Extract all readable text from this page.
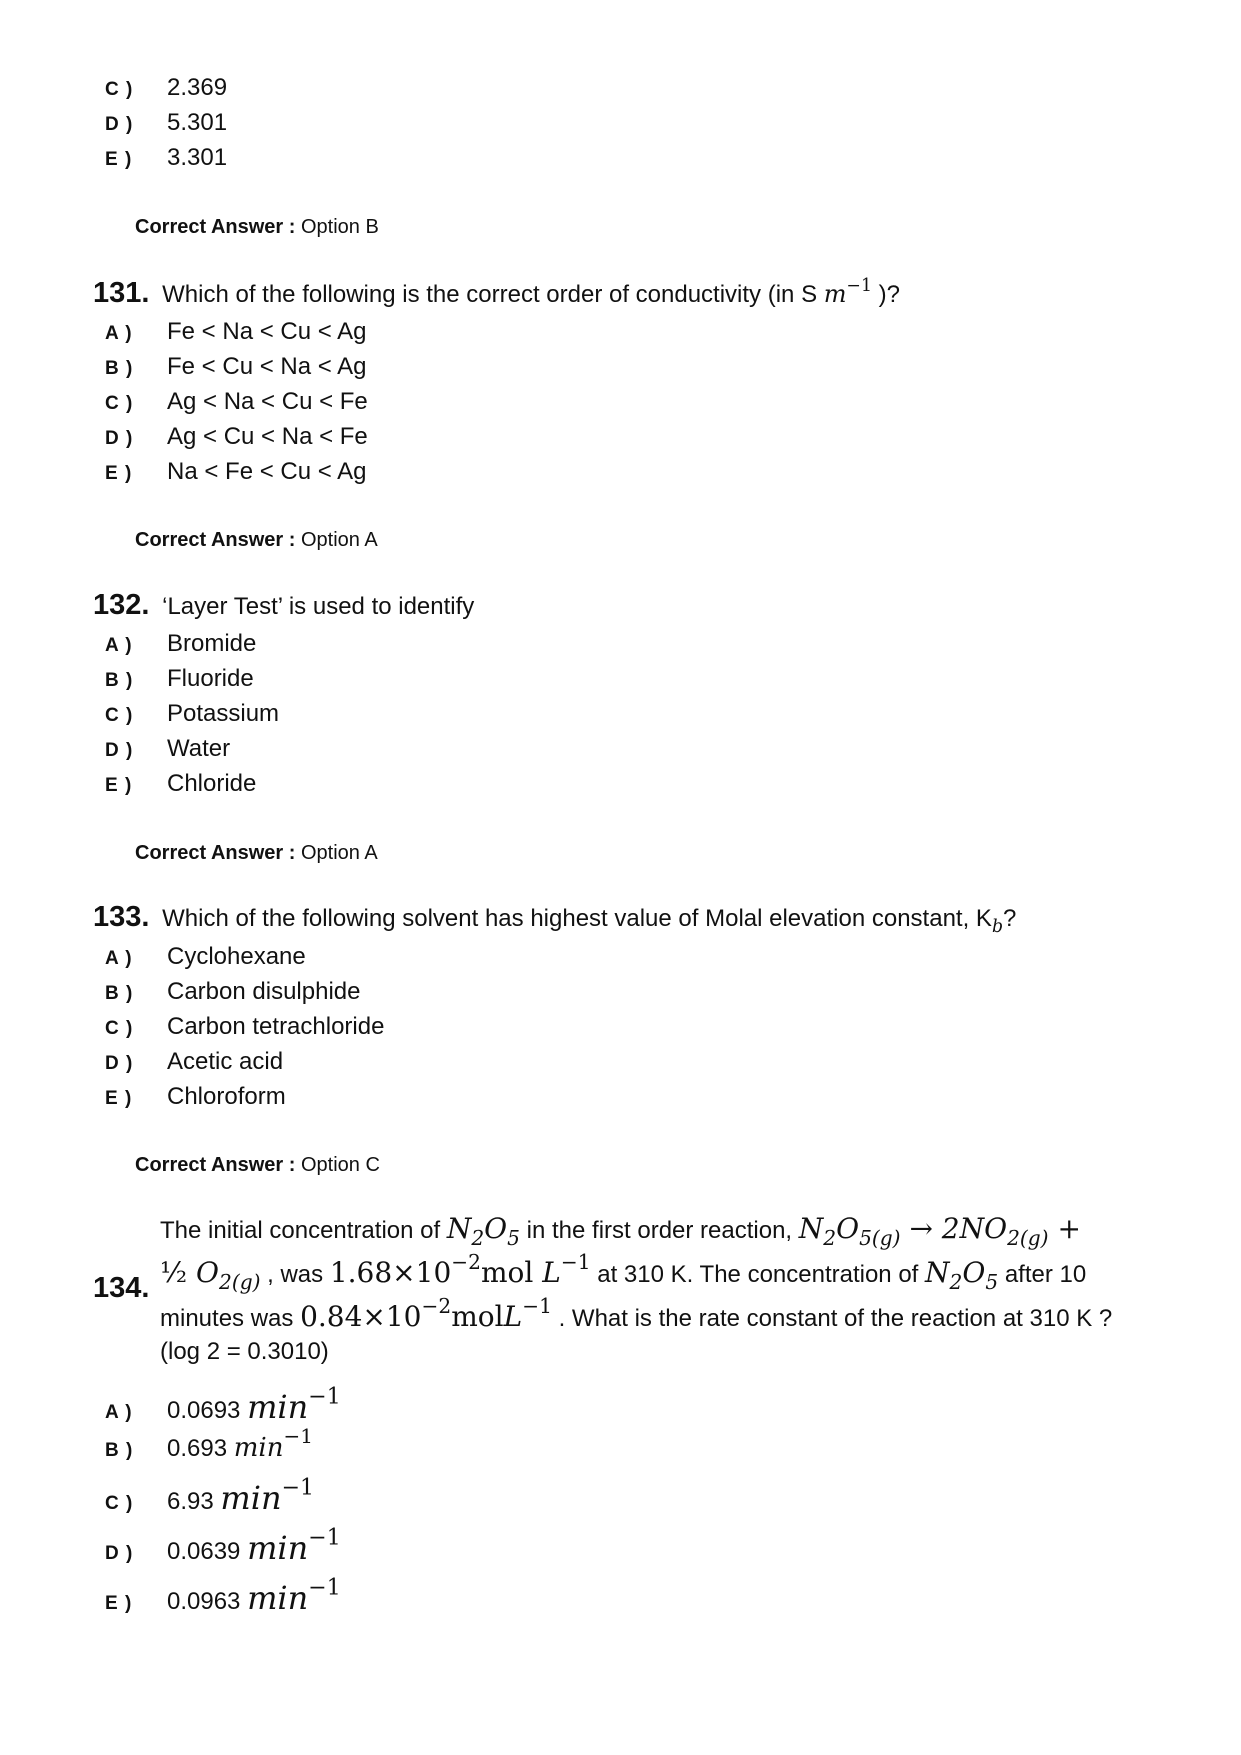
C )	2.369
D )	5.301
E )	3.301
Correct Answer : Option B
131. Which of the following is the correct order of conductivity (in S $m^{-1}$ )?
A )	Fe < Na < Cu < Ag
B )	Fe < Cu < Na < Ag
C )	Ag < Na < Cu < Fe
D )	Ag < Cu < Na < Fe
E )	Na < Fe < Cu < Ag
Correct Answer : Option A
132. ‘Layer Test’ is used to identify
A )	Bromide
B )	Fluoride
C )	Potassium
D )	Water
E )	Chloride
Correct Answer : Option A
133. Which of the following solvent has highest value of Molal elevation constant, $K_b$?
A )	Cyclohexane
B )	Carbon disulphide
C )	Carbon tetrachloride
D )	Acetic acid
E )	Chloroform
Correct Answer : Option C
134.
The initial concentration of $N_2O_5$ in the first order reaction, $N_2O_{5(g)} \to 2NO_{2(g)}$ +
½ $O_{2(g)}$ , was $1.68\times 10^{-2}mol$ $L^{-1}$ at 310 K. The concentration of $N_2O_5$ after 10
minutes was $0.84\times 10^{-2}molL^{-1}$ . What is the rate constant of the reaction at 310 K ?
(log 2 = 0.3010)
A )	0.0693 $\min^{-1}$
B )	0.693 $\min^{-1}$
C )	6.93 $\min^{-1}$
D )	0.0639 $\min^{-1}$
E )	0.0963 $\min^{-1}$
